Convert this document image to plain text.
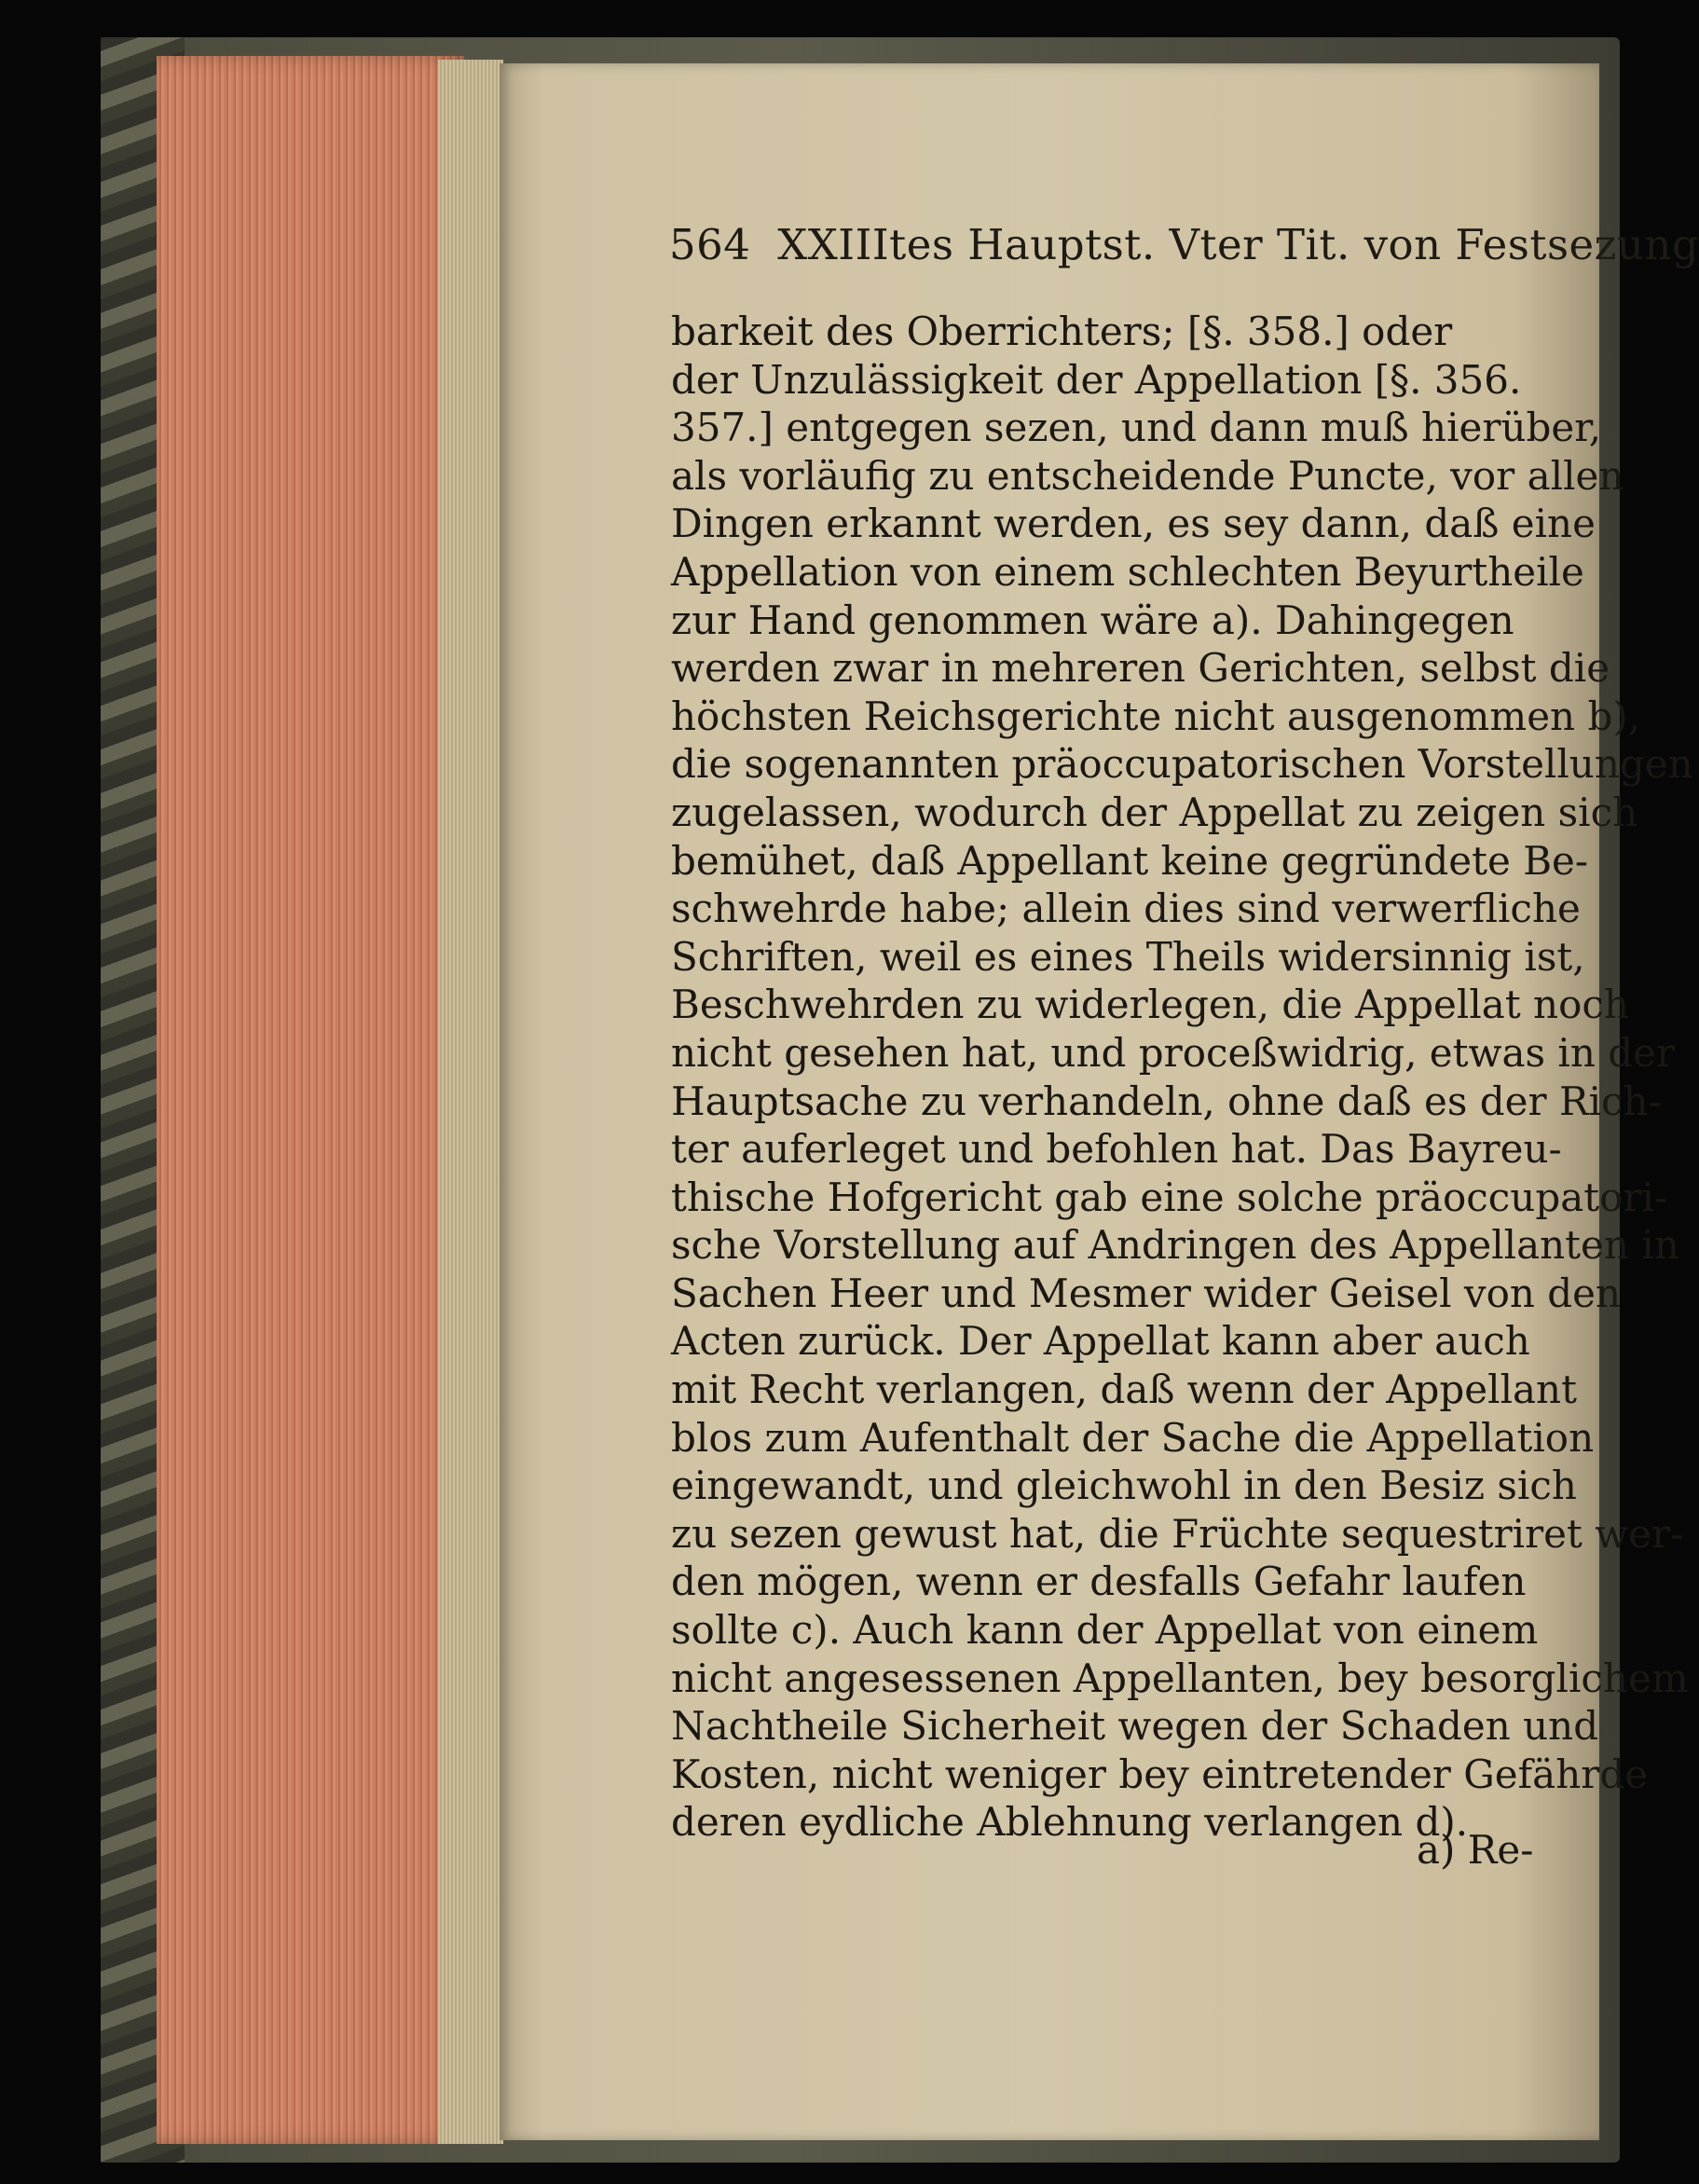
564 XXIIItes Hauptst. Vter Tit. von Festsezung
barkeit des Oberrichters; [§. 358.] oder
der Unzulässigkeit der Appellation [§. 356.
357.] entgegen sezen, und dann muß hierüber,
als vorläufig zu entscheidende Puncte, vor allen
Dingen erkannt werden, es sey dann, daß eine
Appellation von einem schlechten Beyurtheile
zur Hand genommen wäre a). Dahingegen
werden zwar in mehreren Gerichten, selbst die
höchsten Reichsgerichte nicht ausgenommen b),
die sogenannten präoccupatorischen Vorstellungen
zugelassen, wodurch der Appellat zu zeigen sich
bemühet, daß Appellant keine gegründete Be-
schwehrde habe; allein dies sind verwerfliche
Schriften, weil es eines Theils widersinnig ist,
Beschwehrden zu widerlegen, die Appellat noch
nicht gesehen hat, und proceßwidrig, etwas in der
Hauptsache zu verhandeln, ohne daß es der Rich-
ter auferleget und befohlen hat. Das Bayreu-
thische Hofgericht gab eine solche präoccupatori-
sche Vorstellung auf Andringen des Appellanten in
Sachen Heer und Mesmer wider Geisel von den
Acten zurück. Der Appellat kann aber auch
mit Recht verlangen, daß wenn der Appellant
blos zum Aufenthalt der Sache die Appellation
eingewandt, und gleichwohl in den Besiz sich
zu sezen gewust hat, die Früchte sequestriret wer-
den mögen, wenn er desfalls Gefahr laufen
sollte c). Auch kann der Appellat von einem
nicht angesessenen Appellanten, bey besorglichem
Nachtheile Sicherheit wegen der Schaden und
Kosten, nicht weniger bey eintretender Gefährde
deren eydliche Ablehnung verlangen d).
a) Re-
